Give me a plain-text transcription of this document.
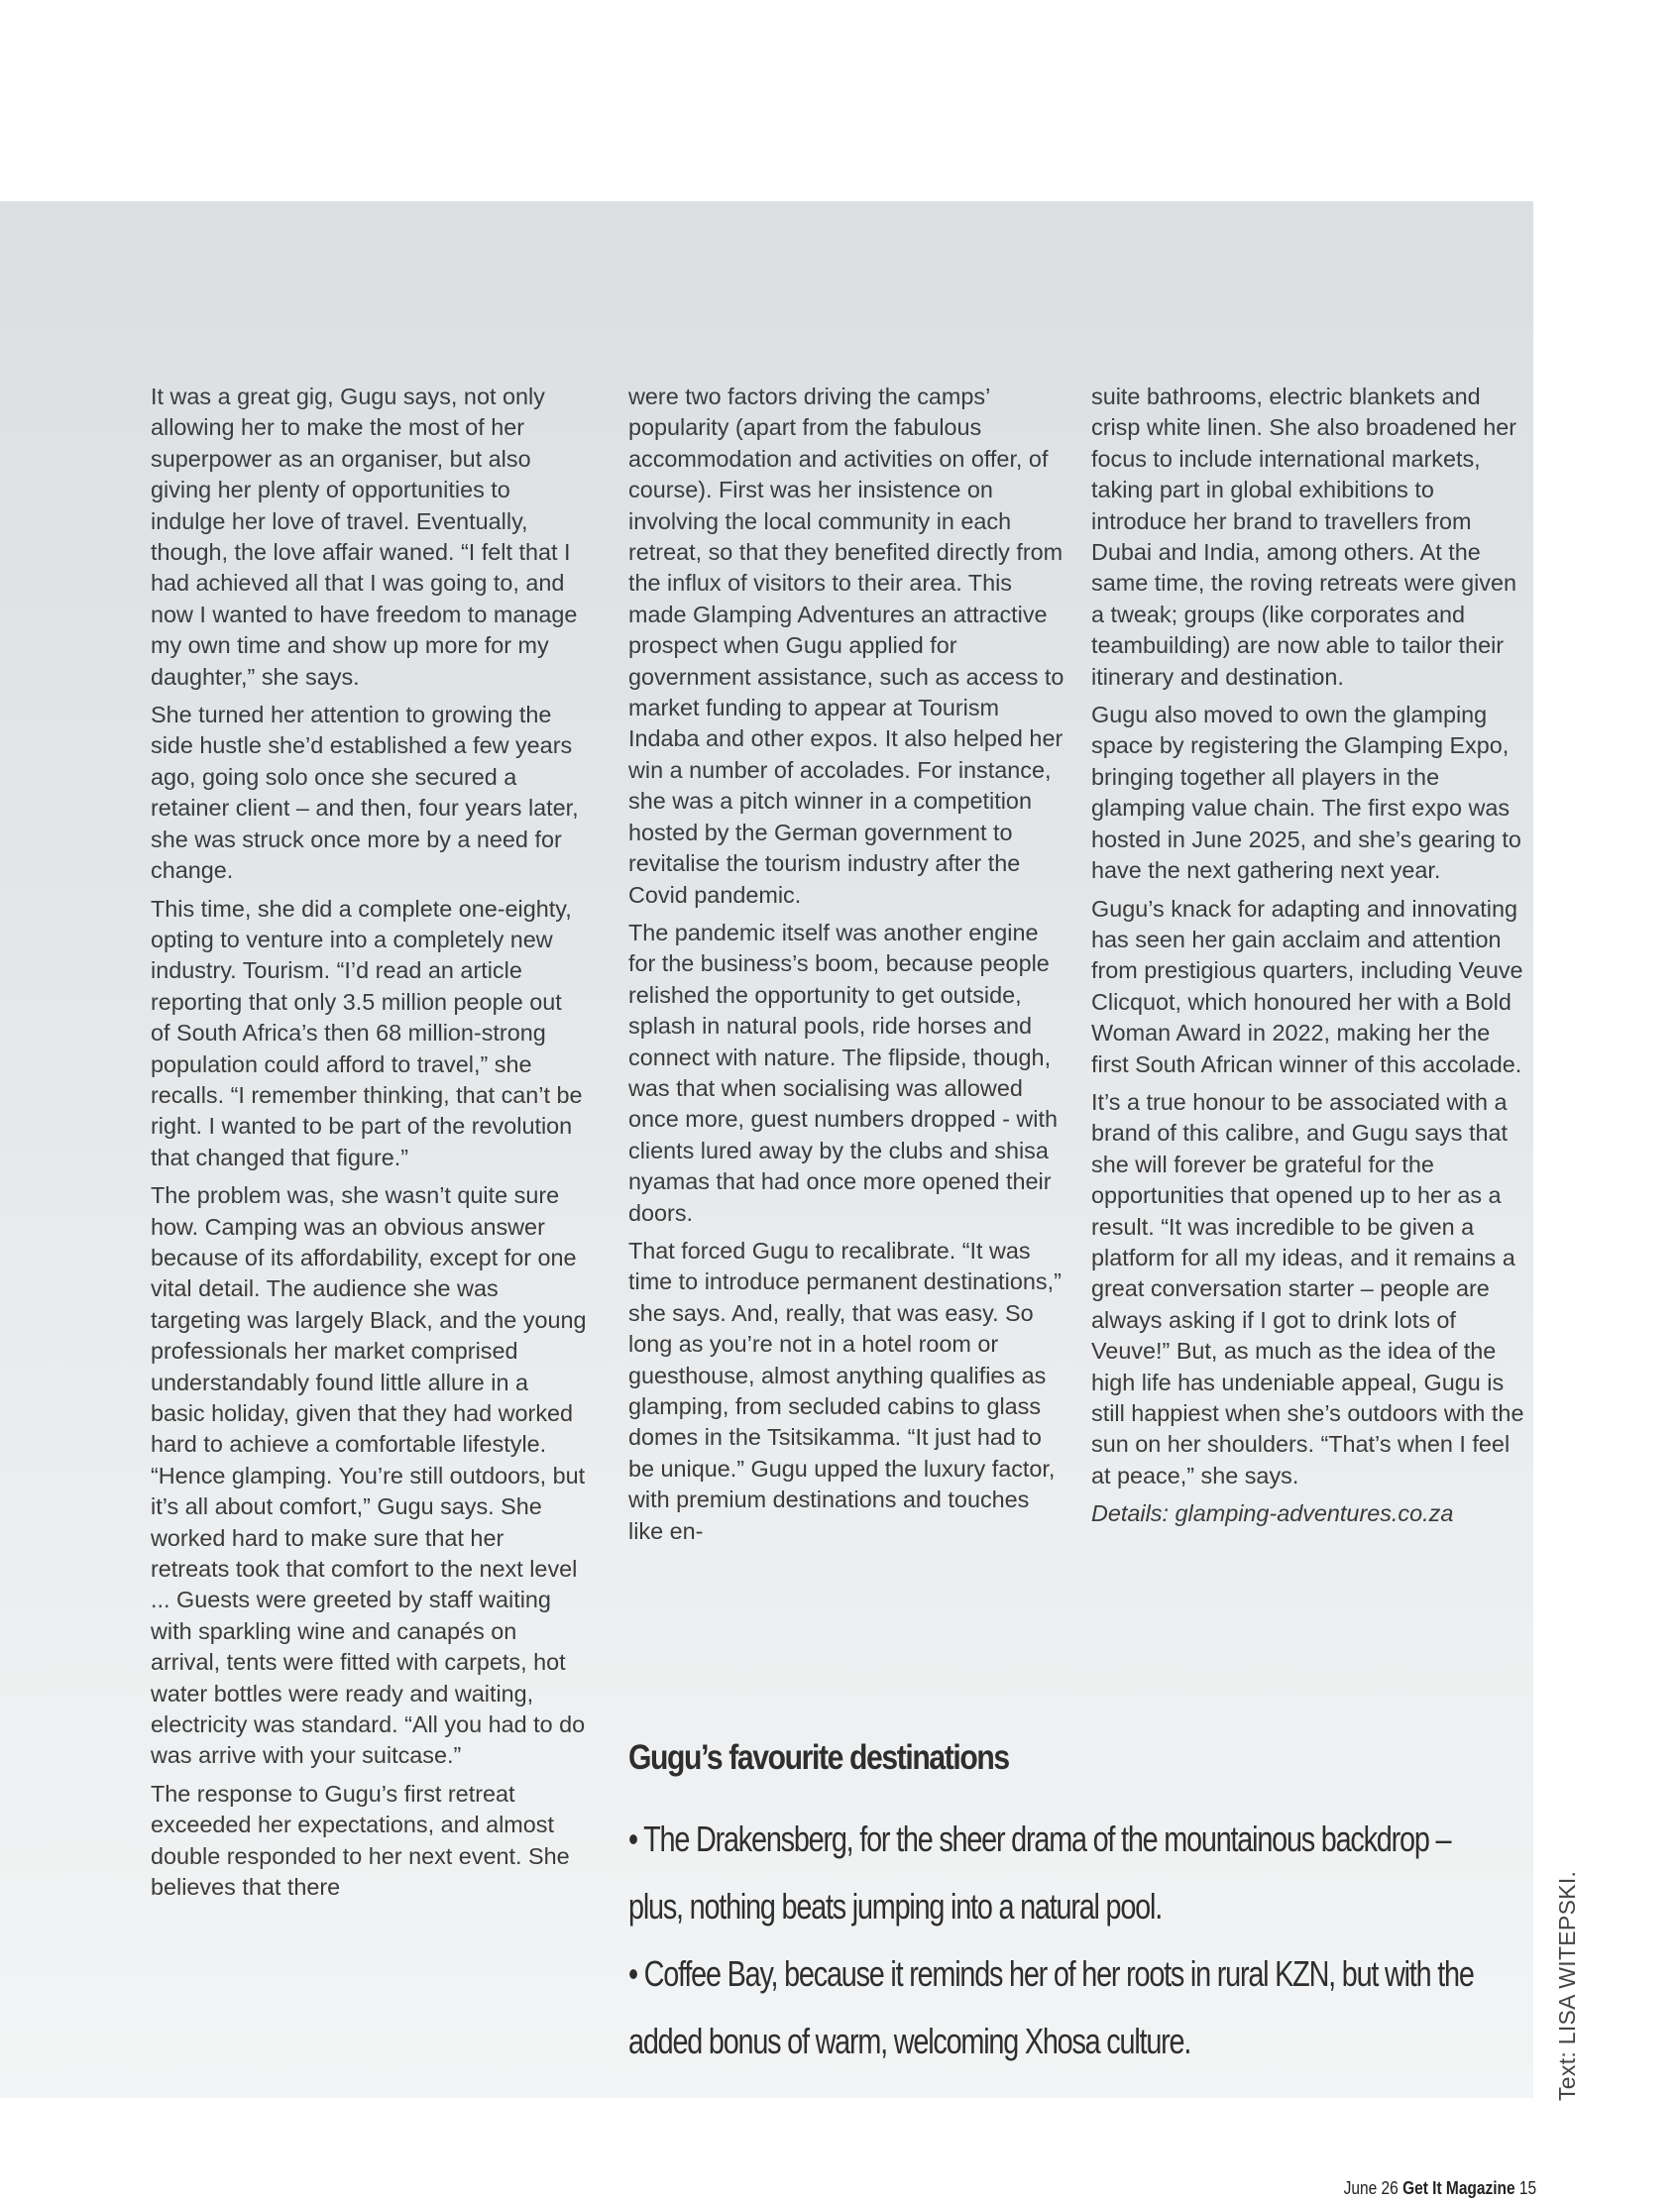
It was a great gig, Gugu says, not only allowing her to make the most of her superpower as an organiser, but also giving her plenty of opportunities to indulge her love of travel. Eventually, though, the love affair waned. “I felt that I had achieved all that I was going to, and now I wanted to have freedom to manage my own time and show up more for my daughter,” she says.

She turned her attention to growing the side hustle she’d established a few years ago, going solo once she secured a retainer client – and then, four years later, she was struck once more by a need for change.

This time, she did a complete one-eighty, opting to venture into a completely new industry. Tourism. “I’d read an article reporting that only 3.5 million people out of South Africa’s then 68 million-strong population could afford to travel,” she recalls. “I remember thinking, that can’t be right. I wanted to be part of the revolution that changed that figure.”

The problem was, she wasn’t quite sure how. Camping was an obvious answer because of its affordability, except for one vital detail. The audience she was targeting was largely Black, and the young professionals her market comprised understandably found little allure in a basic holiday, given that they had worked hard to achieve a comfortable lifestyle. “Hence glamping. You’re still outdoors, but it’s all about comfort,” Gugu says. She worked hard to make sure that her retreats took that comfort to the next level ... Guests were greeted by staff waiting with sparkling wine and canapés on arrival, tents were fitted with carpets, hot water bottles were ready and waiting, electricity was standard. “All you had to do was arrive with your suitcase.”

The response to Gugu’s first retreat exceeded her expectations, and almost double responded to her next event. She believes that there

were two factors driving the camps’ popularity (apart from the fabulous accommodation and activities on offer, of course). First was her insistence on involving the local community in each retreat, so that they benefited directly from the influx of visitors to their area. This made Glamping Adventures an attractive prospect when Gugu applied for government assistance, such as access to market funding to appear at Tourism Indaba and other expos. It also helped her win a number of accolades. For instance, she was a pitch winner in a competition hosted by the German government to revitalise the tourism industry after the Covid pandemic.

The pandemic itself was another engine for the business’s boom, because people relished the opportunity to get outside, splash in natural pools, ride horses and connect with nature. The flipside, though, was that when socialising was allowed once more, guest numbers dropped - with clients lured away by the clubs and shisa nyamas that had once more opened their doors.

That forced Gugu to recalibrate. “It was time to introduce permanent destinations,” she says. And, really, that was easy. So long as you’re not in a hotel room or guesthouse, almost anything qualifies as glamping, from secluded cabins to glass domes in the Tsitsikamma. “It just had to be unique.” Gugu upped the luxury factor, with premium destinations and touches like en-

suite bathrooms, electric blankets and crisp white linen. She also broadened her focus to include international markets, taking part in global exhibitions to introduce her brand to travellers from Dubai and India, among others. At the same time, the roving retreats were given a tweak; groups (like corporates and teambuilding) are now able to tailor their itinerary and destination.

Gugu also moved to own the glamping space by registering the Glamping Expo, bringing together all players in the glamping value chain. The first expo was hosted in June 2025, and she’s gearing to have the next gathering next year.

Gugu’s knack for adapting and innovating has seen her gain acclaim and attention from prestigious quarters, including Veuve Clicquot, which honoured her with a Bold Woman Award in 2022, making her the first South African winner of this accolade.

It’s a true honour to be associated with a brand of this calibre, and Gugu says that she will forever be grateful for the opportunities that opened up to her as a result. “It was incredible to be given a platform for all my ideas, and it remains a great conversation starter – people are always asking if I got to drink lots of Veuve!” But, as much as the idea of the high life has undeniable appeal, Gugu is still happiest when she’s outdoors with the sun on her shoulders. “That’s when I feel at peace,” she says.

Details: glamping-adventures.co.za

Gugu’s favourite destinations

• The Drakensberg, for the sheer drama of the mountainous backdrop – plus, nothing beats jumping into a natural pool.

• Coffee Bay, because it reminds her of her roots in rural KZN, but with the added bonus of warm, welcoming Xhosa culture.	Text: LISA WITEPSKI.
June 26 Get It Magazine 15
